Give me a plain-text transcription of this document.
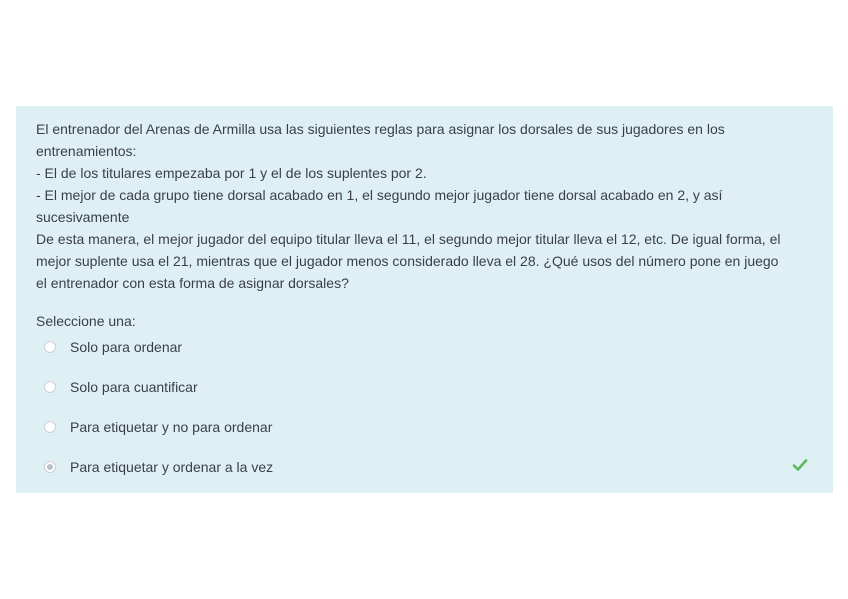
El entrenador del Arenas de Armilla usa las siguientes reglas para asignar los dorsales de sus jugadores en los
entrenamientos:
- El de los titulares empezaba por 1 y el de los suplentes por 2.
- El mejor de cada grupo tiene dorsal acabado en 1, el segundo mejor jugador tiene dorsal acabado en 2, y así
sucesivamente
De esta manera, el mejor jugador del equipo titular lleva el 11, el segundo mejor titular lleva el 12, etc. De igual forma, el
mejor suplente usa el 21, mientras que el jugador menos considerado lleva el 28. ¿Qué usos del número pone en juego
el entrenador con esta forma de asignar dorsales?
Seleccione una:
Solo para ordenar
Solo para cuantificar
Para etiquetar y no para ordenar
Para etiquetar y ordenar a la vez
